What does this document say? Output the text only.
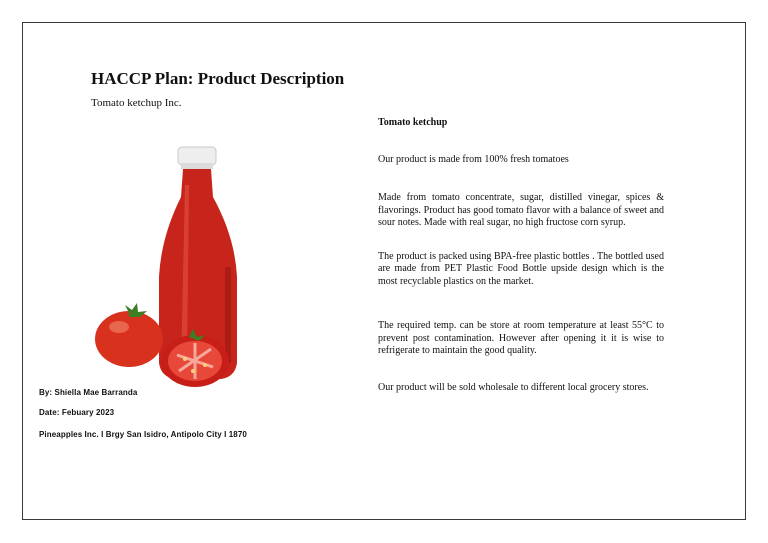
HACCP Plan: Product Description
Tomato ketchup Inc.
By: Shiella Mae Barranda
Date: Febuary 2023
Pineapples Inc. I Brgy San Isidro, Antipolo City I 1870
Tomato ketchup

Our product is made from 100% fresh tomatoes

Made from tomato concentrate, sugar, distilled vinegar, spices & flavorings. Product has good tomato flavor with a balance of sweet and sour notes. Made with real sugar, no high fructose corn syrup.

The product is packed using BPA-free plastic bottles . The bottled used are made from PET Plastic Food Bottle upside design which is the most recyclable plastics on the market.

The required temp. can be store at room temperature at least 55°C to prevent post contamination. However after opening it it is wise to refrigerate to maintain the good quality.

Our product will be sold wholesale to different local grocery stores.
